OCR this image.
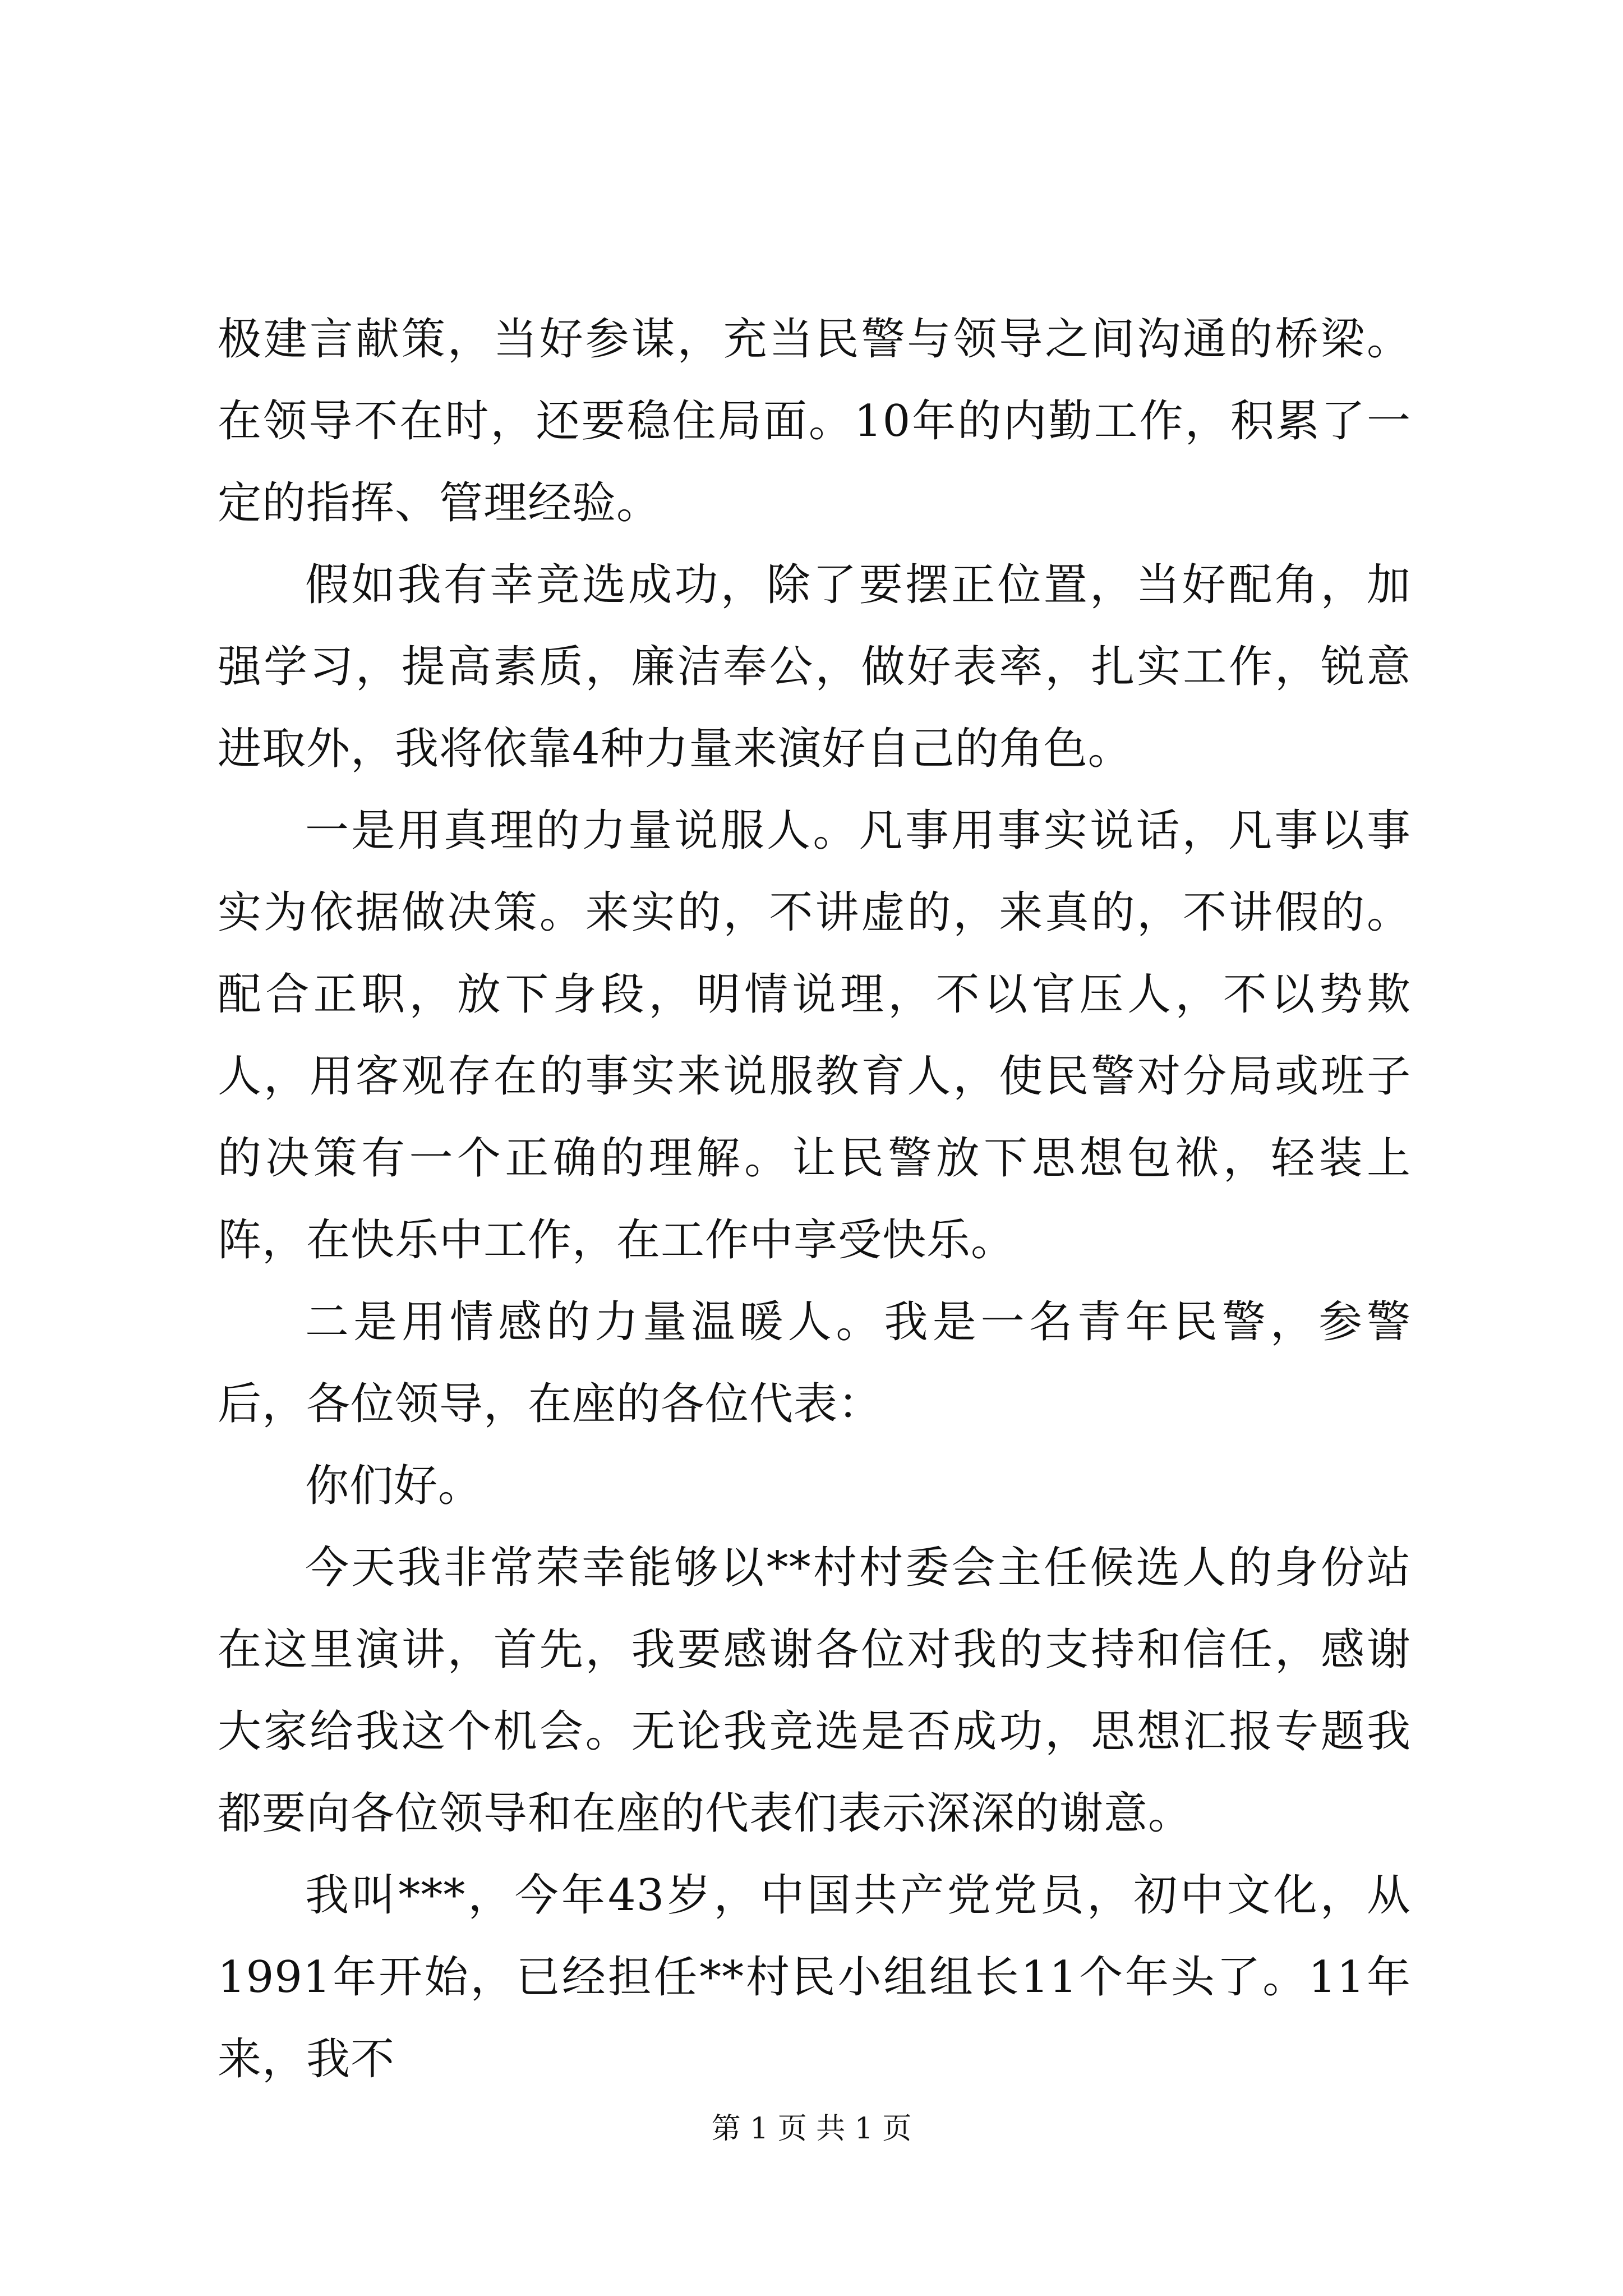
极建言献策，当好参谋，充当民警与领导之间沟通的桥梁。在领导不在时，还要稳住局面。10年的内勤工作，积累了一定的指挥、管理经验。

假如我有幸竞选成功，除了要摆正位置，当好配角，加强学习，提高素质，廉洁奉公，做好表率，扎实工作，锐意进取外，我将依靠4种力量来演好自己的角色。

一是用真理的力量说服人。凡事用事实说话，凡事以事实为依据做决策。来实的，不讲虚的，来真的，不讲假的。配合正职，放下身段，明情说理，不以官压人，不以势欺人，用客观存在的事实来说服教育人，使民警对分局或班子的决策有一个正确的理解。让民警放下思想包袱，轻装上阵，在快乐中工作，在工作中享受快乐。

二是用情感的力量温暖人。我是一名青年民警，参警后，各位领导，在座的各位代表：

你们好。

今天我非常荣幸能够以**村村委会主任候选人的身份站在这里演讲，首先，我要感谢各位对我的支持和信任，感谢大家给我这个机会。无论我竞选是否成功，思想汇报专题我都要向各位领导和在座的代表们表示深深的谢意。

我叫***，今年43岁，中国共产党党员，初中文化，从1991年开始，已经担任**村民小组组长11个年头了。11年来，我不

第 1 页 共 1 页
